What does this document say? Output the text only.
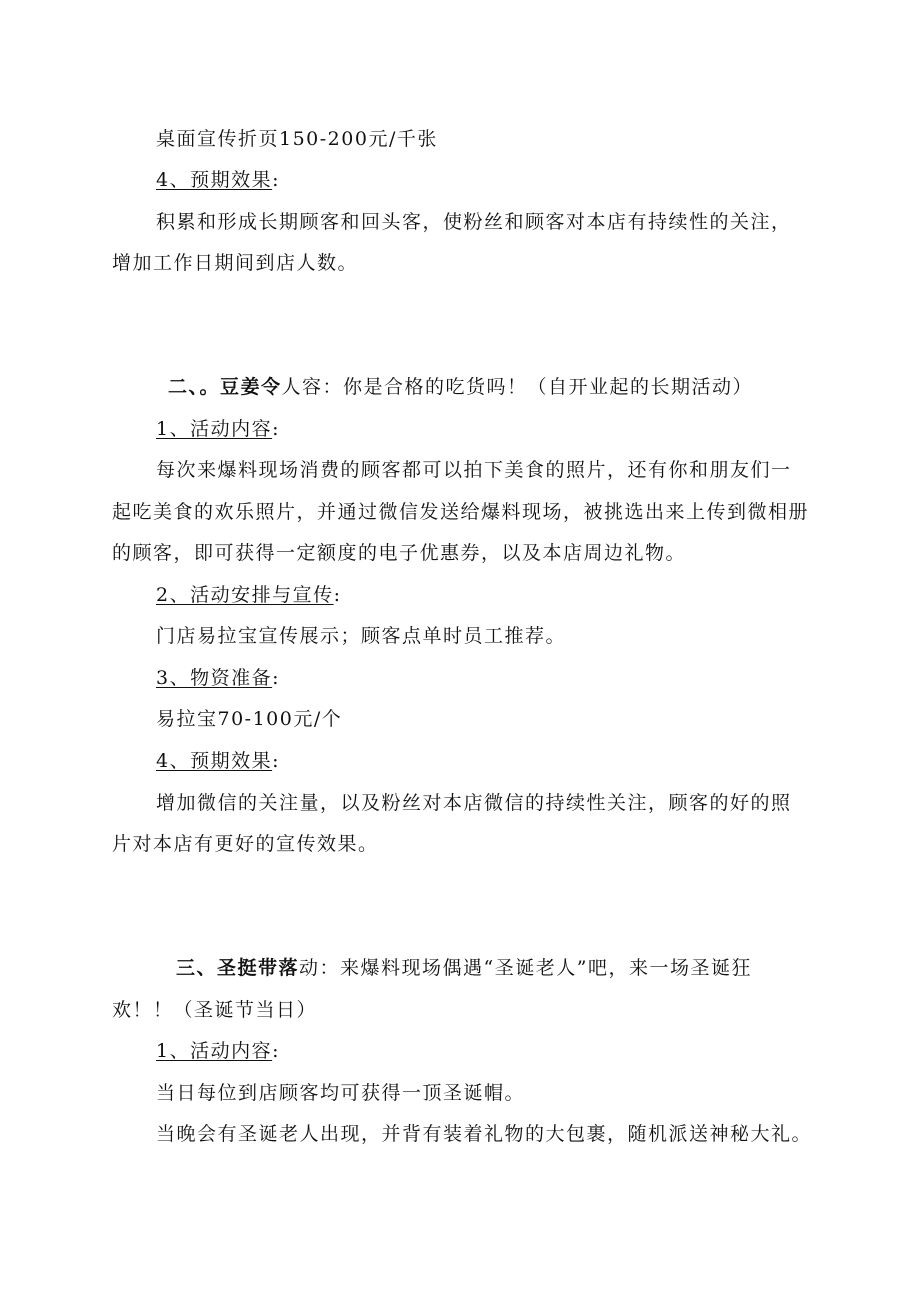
桌面宣传折页150-200元/千张
4、预期效果:
积累和形成长期顾客和回头客，使粉丝和顾客对本店有持续性的关注，
增加工作日期间到店人数。
二、。豆姜令人容：你是合格的吃货吗！（自开业起的长期活动）
1、活动内容:
每次来爆料现场消费的顾客都可以拍下美食的照片，还有你和朋友们一
起吃美食的欢乐照片，并通过微信发送给爆料现场，被挑选出来上传到微相册
的顾客，即可获得一定额度的电子优惠券，以及本店周边礼物。
2、活动安排与宣传:
门店易拉宝宣传展示；顾客点单时员工推荐。
3、物资准备:
易拉宝70-100元/个
4、预期效果:
增加微信的关注量，以及粉丝对本店微信的持续性关注，顾客的好的照
片对本店有更好的宣传效果。
三、圣挺带落动：来爆料现场偶遇“圣诞老人”吧，来一场圣诞狂
欢！！（圣诞节当日）
1、活动内容:
当日每位到店顾客均可获得一顶圣诞帽。
当晚会有圣诞老人出现，并背有装着礼物的大包裹，随机派送神秘大礼。
